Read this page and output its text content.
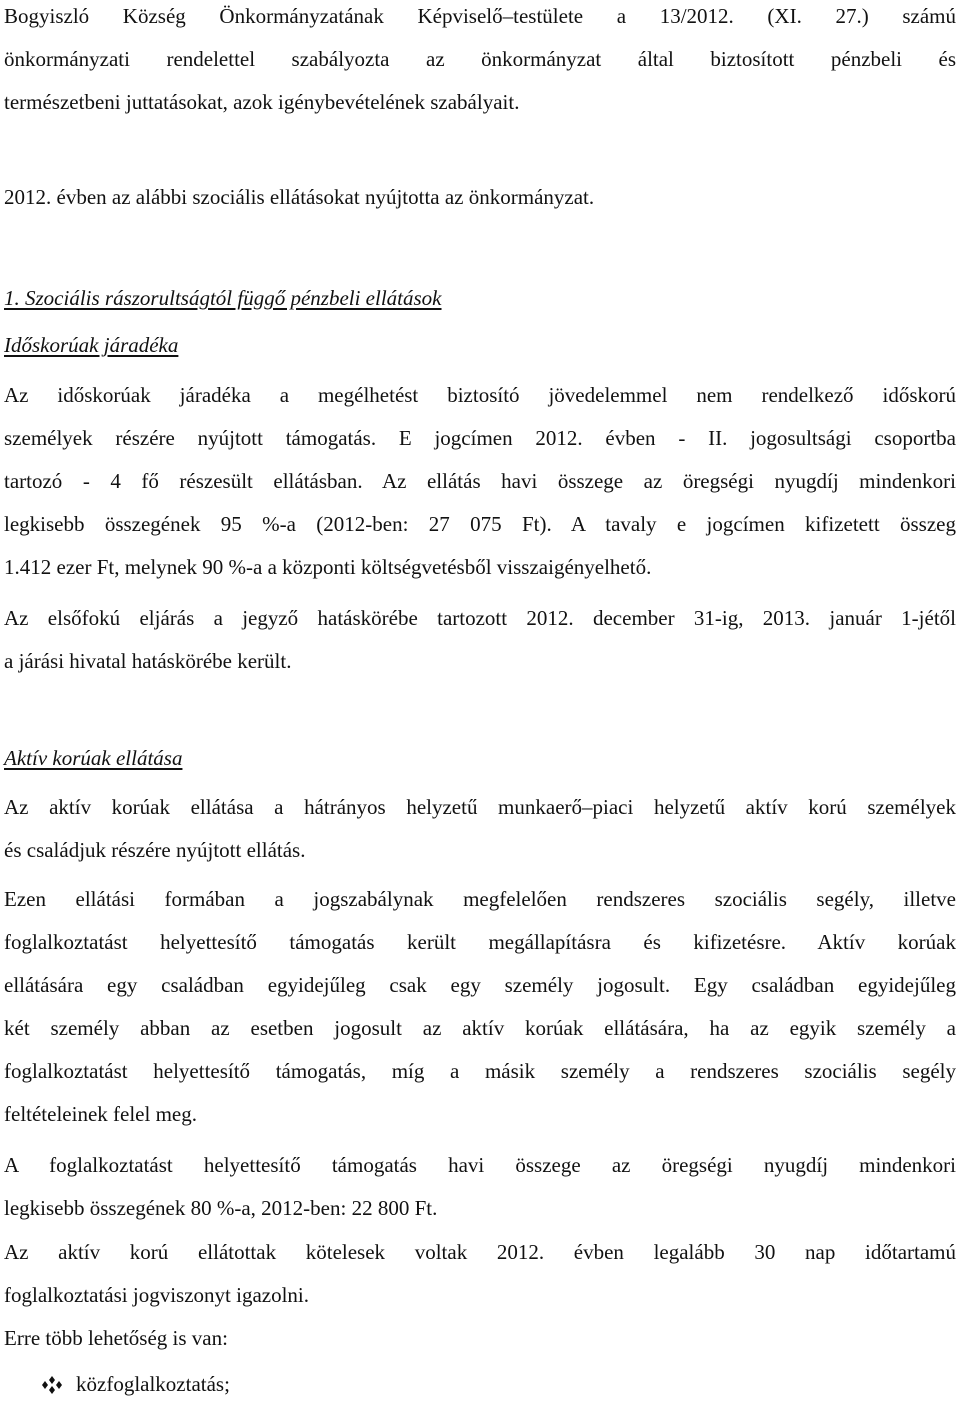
Bogyiszló Község Önkormányzatának Képviselő–testülete a 13/2012. (XI. 27.) számú
önkormányzati rendelettel szabályozta az önkormányzat által biztosított pénzbeli és
természetbeni juttatásokat, azok igénybevételének szabályait.
2012. évben az alábbi szociális ellátásokat nyújtotta az önkormányzat.
1. Szociális rászorultságtól függő pénzbeli ellátások
Időskorúak járadéka
Az időskorúak járadéka a megélhetést biztosító jövedelemmel nem rendelkező időskorú
személyek részére nyújtott támogatás. E jogcímen 2012. évben - II. jogosultsági csoportba
tartozó - 4 fő részesült ellátásban. Az ellátás havi összege az öregségi nyugdíj mindenkori
legkisebb összegének 95 %-a (2012-ben: 27 075 Ft). A tavaly e jogcímen kifizetett összeg
1.412 ezer Ft, melynek 90 %-a a központi költségvetésből visszaigényelhető.
Az elsőfokú eljárás a jegyző hatáskörébe tartozott 2012. december 31-ig, 2013. január 1-jétől
a járási hivatal hatáskörébe került.
Aktív korúak ellátása
Az aktív korúak ellátása a hátrányos helyzetű munkaerő–piaci helyzetű aktív korú személyek
és családjuk részére nyújtott ellátás.
Ezen ellátási formában a jogszabálynak megfelelően rendszeres szociális segély, illetve
foglalkoztatást helyettesítő támogatás került megállapításra és kifizetésre. Aktív korúak
ellátására egy családban egyidejűleg csak egy személy jogosult. Egy családban egyidejűleg
két személy abban az esetben jogosult az aktív korúak ellátására, ha az egyik személy a
foglalkoztatást helyettesítő támogatás, míg a másik személy a rendszeres szociális segély
feltételeinek felel meg.
A foglalkoztatást helyettesítő támogatás havi összege az öregségi nyugdíj mindenkori
legkisebb összegének 80 %-a, 2012-ben: 22 800 Ft.
Az aktív korú ellátottak kötelesek voltak 2012. évben legalább 30 nap időtartamú
foglalkoztatási jogviszonyt igazolni.
Erre több lehetőség is van:
közfoglalkoztatás;
